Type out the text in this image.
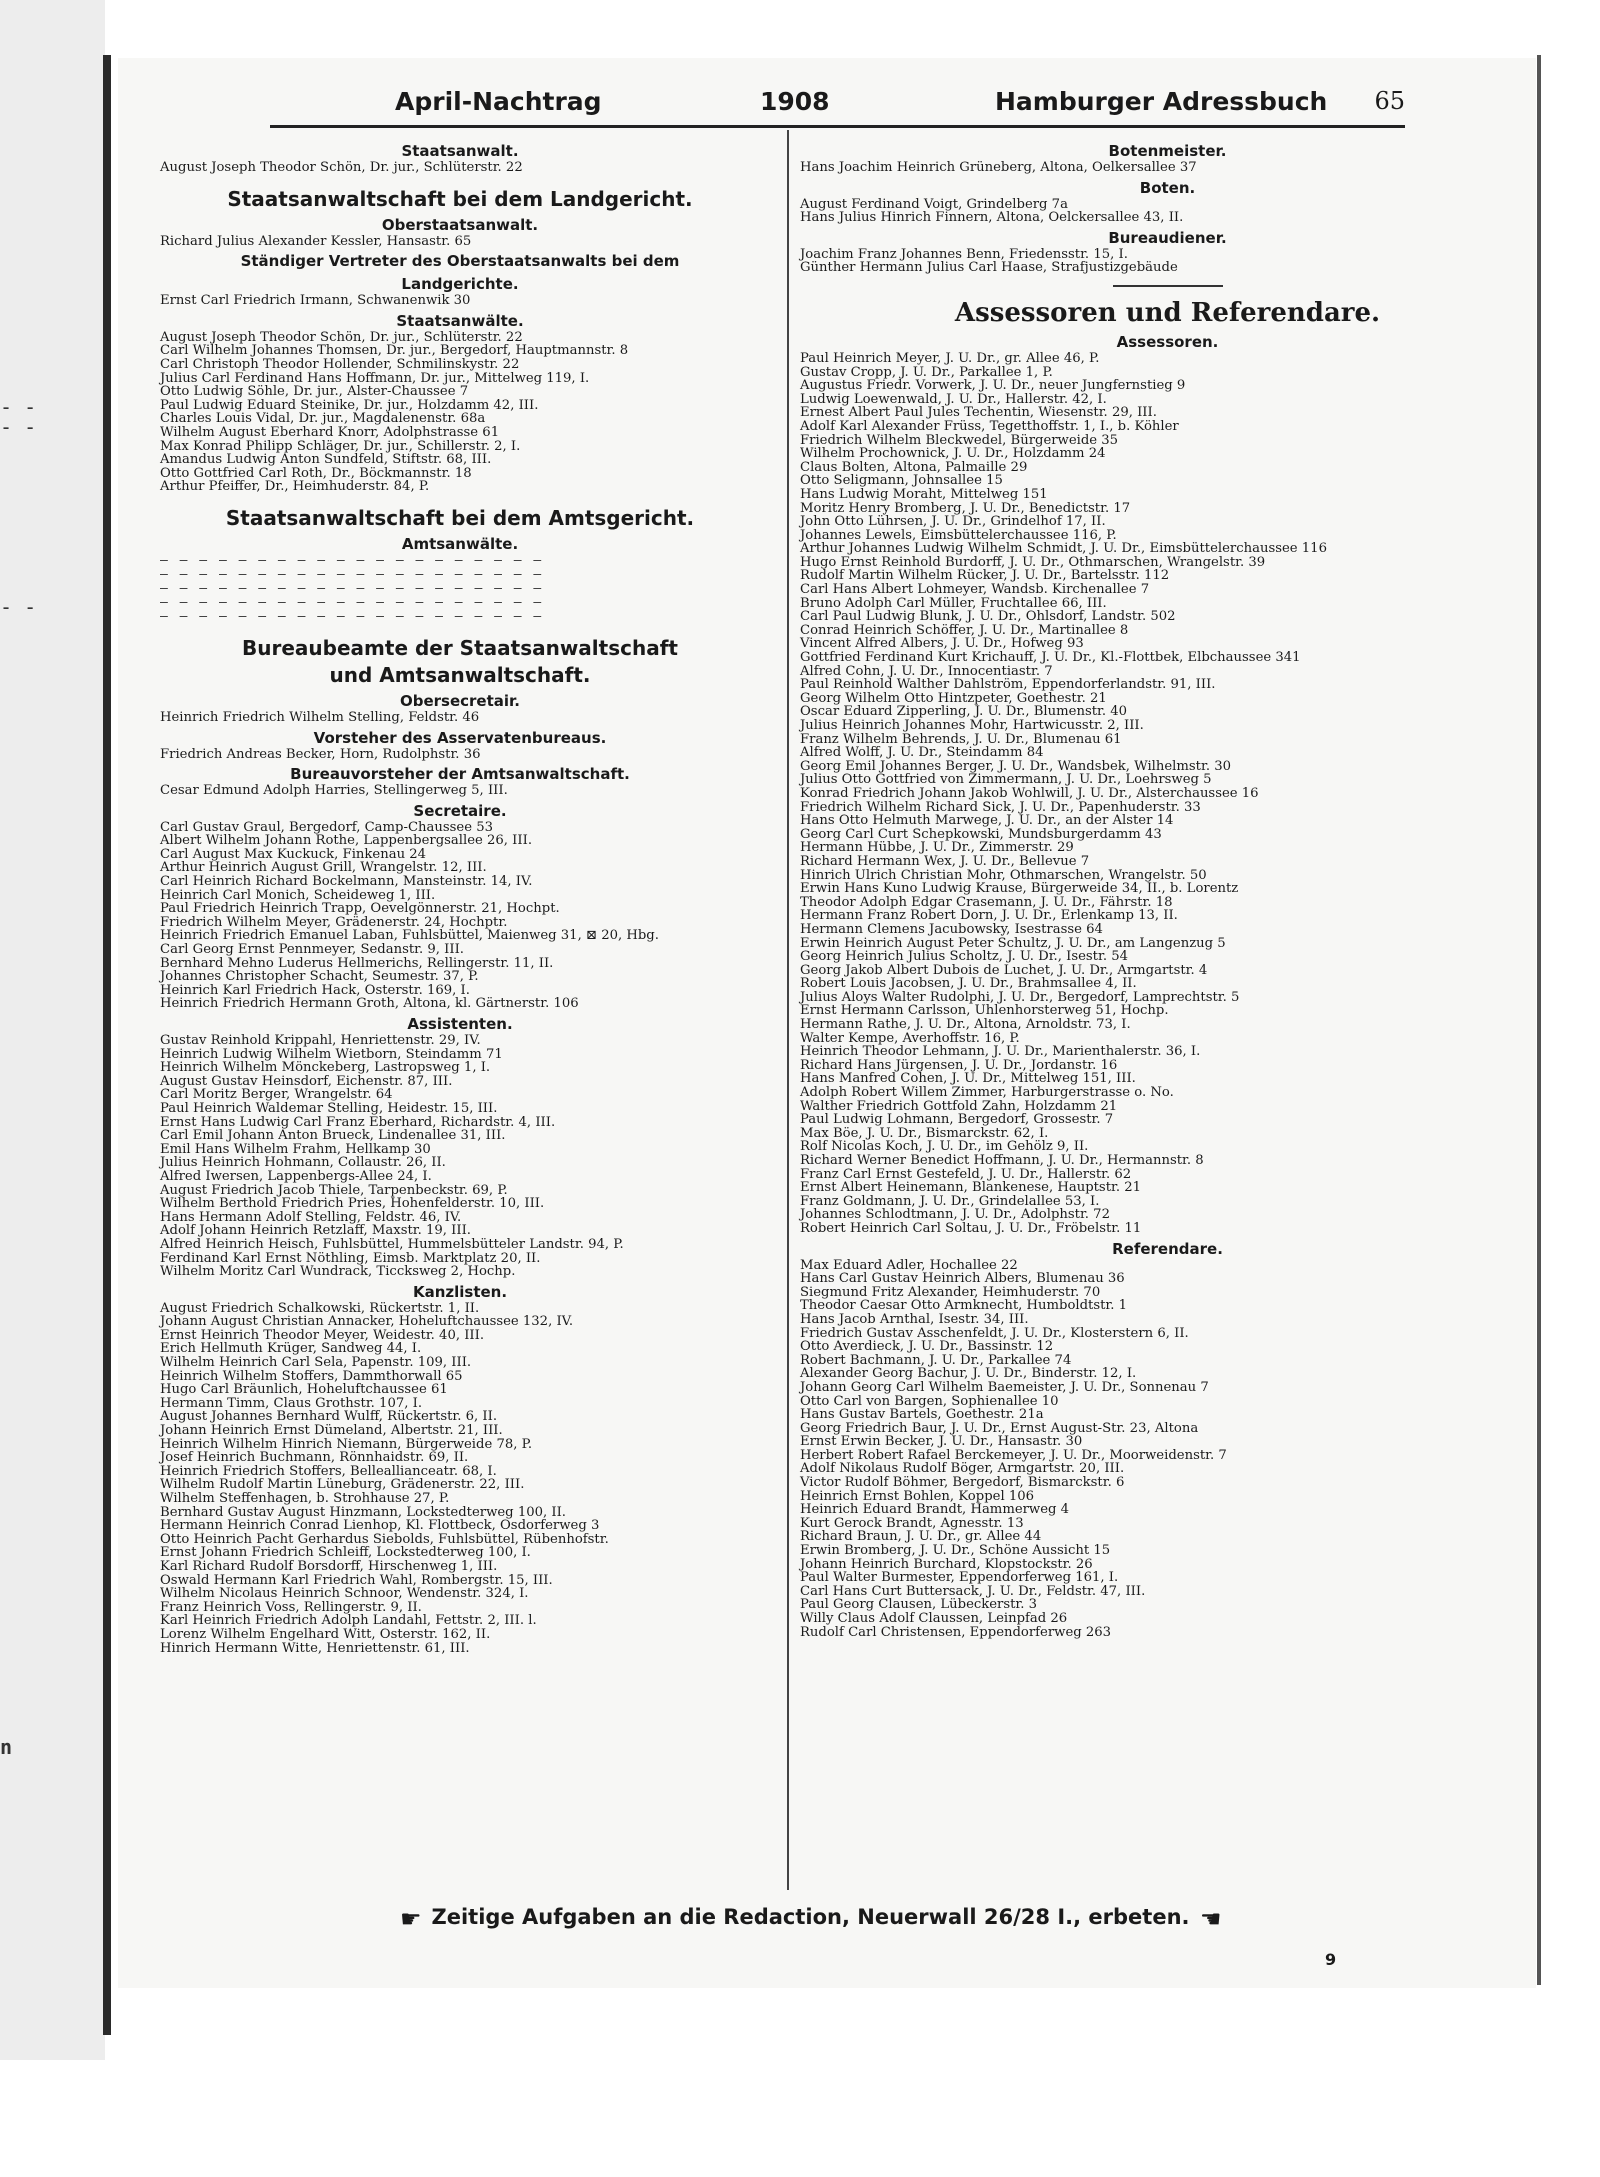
- -
- -
- -
n
April-Nachtrag	1908	Hamburger Adressbuch 65
Staatsanwalt.
August Joseph Theodor Schön, Dr. jur., Schlüterstr. 22
Staatsanwaltschaft bei dem Landgericht.
Oberstaatsanwalt.
Richard Julius Alexander Kessler, Hansastr. 65
Ständiger Vertreter des Oberstaatsanwalts bei dem
Landgerichte.
Ernst Carl Friedrich Irmann, Schwanenwik 30
Staatsanwälte.
August Joseph Theodor Schön, Dr. jur., Schlüterstr. 22
Carl Wilhelm Johannes Thomsen, Dr. jur., Bergedorf, Hauptmannstr. 8
Carl Christoph Theodor Hollender, Schmilinskystr. 22
Julius Carl Ferdinand Hans Hoffmann, Dr. jur., Mittelweg 119, I.
Otto Ludwig Söhle, Dr. jur., Alster-Chaussee 7
Paul Ludwig Eduard Steinike, Dr. jur., Holzdamm 42, III.
Charles Louis Vidal, Dr. jur., Magdalenenstr. 68a
Wilhelm August Eberhard Knorr, Adolphstrasse 61
Max Konrad Philipp Schläger, Dr. jur., Schillerstr. 2, I.
Amandus Ludwig Anton Sundfeld, Stiftstr. 68, III.
Otto Gottfried Carl Roth, Dr., Böckmannstr. 18
Arthur Pfeiffer, Dr., Heimhuderstr. 84, P.
Staatsanwaltschaft bei dem Amtsgericht.
Amtsanwälte.
— — — — — — — — — — — — — — — — — — — —
— — — — — — — — — — — — — — — — — — — —
— — — — — — — — — — — — — — — — — — — —
— — — — — — — — — — — — — — — — — — — —
— — — — — — — — — — — — — — — — — — — —
Bureaubeamte der Staatsanwaltschaft
und Amtsanwaltschaft.
Obersecretair.
Heinrich Friedrich Wilhelm Stelling, Feldstr. 46
Vorsteher des Asservatenbureaus.
Friedrich Andreas Becker, Horn, Rudolphstr. 36
Bureauvorsteher der Amtsanwaltschaft.
Cesar Edmund Adolph Harries, Stellingerweg 5, III.
Secretaire.
Carl Gustav Graul, Bergedorf, Camp-Chaussee 53
Albert Wilhelm Johann Rothe, Lappenbergsallee 26, III.
Carl August Max Kuckuck, Finkenau 24
Arthur Heinrich August Grill, Wrangelstr. 12, III.
Carl Heinrich Richard Bockelmann, Mansteinstr. 14, IV.
Heinrich Carl Monich, Scheideweg 1, III.
Paul Friedrich Heinrich Trapp, Oevelgönnerstr. 21, Hochpt.
Friedrich Wilhelm Meyer, Grädenerstr. 24, Hochptr.
Heinrich Friedrich Emanuel Laban, Fuhlsbüttel, Maienweg 31, ⊠ 20, Hbg.
Carl Georg Ernst Pennmeyer, Sedanstr. 9, III.
Bernhard Mehno Luderus Hellmerichs, Rellingerstr. 11, II.
Johannes Christopher Schacht, Seumestr. 37, P.
Heinrich Karl Friedrich Hack, Osterstr. 169, I.
Heinrich Friedrich Hermann Groth, Altona, kl. Gärtnerstr. 106
Assistenten.
Gustav Reinhold Krippahl, Henriettenstr. 29, IV.
Heinrich Ludwig Wilhelm Wietborn, Steindamm 71
Heinrich Wilhelm Mönckeberg, Lastropsweg 1, I.
August Gustav Heinsdorf, Eichenstr. 87, III.
Carl Moritz Berger, Wrangelstr. 64
Paul Heinrich Waldemar Stelling, Heidestr. 15, III.
Ernst Hans Ludwig Carl Franz Eberhard, Richardstr. 4, III.
Carl Emil Johann Anton Brueck, Lindenallee 31, III.
Emil Hans Wilhelm Frahm, Hellkamp 30
Julius Heinrich Hohmann, Collaustr. 26, II.
Alfred Iwersen, Lappenbergs-Allee 24, I.
August Friedrich Jacob Thiele, Tarpenbeckstr. 69, P.
Wilhelm Berthold Friedrich Pries, Hohenfelderstr. 10, III.
Hans Hermann Adolf Stelling, Feldstr. 46, IV.
Adolf Johann Heinrich Retzlaff, Maxstr. 19, III.
Alfred Heinrich Heisch, Fuhlsbüttel, Hummelsbütteler Landstr. 94, P.
Ferdinand Karl Ernst Nöthling, Eimsb. Marktplatz 20, II.
Wilhelm Moritz Carl Wundrack, Ticcksweg 2, Hochp.
Kanzlisten.
August Friedrich Schalkowski, Rückertstr. 1, II.
Johann August Christian Annacker, Hoheluftchaussee 132, IV.
Ernst Heinrich Theodor Meyer, Weidestr. 40, III.
Erich Hellmuth Krüger, Sandweg 44, I.
Wilhelm Heinrich Carl Sela, Papenstr. 109, III.
Heinrich Wilhelm Stoffers, Dammthorwall 65
Hugo Carl Bräunlich, Hoheluftchaussee 61
Hermann Timm, Claus Grothstr. 107, I.
August Johannes Bernhard Wulff, Rückertstr. 6, II.
Johann Heinrich Ernst Dümeland, Albertstr. 21, III.
Heinrich Wilhelm Hinrich Niemann, Bürgerweide 78, P.
Josef Heinrich Buchmann, Rönnhaidstr. 69, II.
Heinrich Friedrich Stoffers, Belleallianceatr. 68, I.
Wilhelm Rudolf Martin Lüneburg, Grädenerstr. 22, III.
Wilhelm Steffenhagen, b. Strohhause 27, P.
Bernhard Gustav August Hinzmann, Lockstedterweg 100, II.
Hermann Heinrich Conrad Lienhop, Kl. Flottbeck, Osdorferweg 3
Otto Heinrich Pacht Gerhardus Siebolds, Fuhlsbüttel, Rübenhofstr.
Ernst Johann Friedrich Schleiff, Lockstedterweg 100, I.
Karl Richard Rudolf Borsdorff, Hirschenweg 1, III.
Oswald Hermann Karl Friedrich Wahl, Rombergstr. 15, III.
Wilhelm Nicolaus Heinrich Schnoor, Wendenstr. 324, I.
Franz Heinrich Voss, Rellingerstr. 9, II.
Karl Heinrich Friedrich Adolph Landahl, Fettstr. 2, III. l.
Lorenz Wilhelm Engelhard Witt, Osterstr. 162, II.
Hinrich Hermann Witte, Henriettenstr. 61, III.
Botenmeister.
Hans Joachim Heinrich Grüneberg, Altona, Oelkersallee 37
Boten.
August Ferdinand Voigt, Grindelberg 7a
Hans Julius Hinrich Finnern, Altona, Oelckersallee 43, II.
Bureaudiener.
Joachim Franz Johannes Benn, Friedensstr. 15, I.
Günther Hermann Julius Carl Haase, Strafjustizgebäude
Assessoren und Referendare.
Assessoren.
Paul Heinrich Meyer, J. U. Dr., gr. Allee 46, P.
Gustav Cropp, J. U. Dr., Parkallee 1, P.
Augustus Friedr. Vorwerk, J. U. Dr., neuer Jungfernstieg 9
Ludwig Loewenwald, J. U. Dr., Hallerstr. 42, I.
Ernest Albert Paul Jules Techentin, Wiesenstr. 29, III.
Adolf Karl Alexander Früss, Tegetthoffstr. 1, I., b. Köhler
Friedrich Wilhelm Bleckwedel, Bürgerweide 35
Wilhelm Prochownick, J. U. Dr., Holzdamm 24
Claus Bolten, Altona, Palmaille 29
Otto Seligmann, Johnsallee 15
Hans Ludwig Moraht, Mittelweg 151
Moritz Henry Bromberg, J. U. Dr., Benedictstr. 17
John Otto Lührsen, J. U. Dr., Grindelhof 17, II.
Johannes Lewels, Eimsbüttelerchaussee 116, P.
Arthur Johannes Ludwig Wilhelm Schmidt, J. U. Dr., Eimsbüttelerchaussee 116
Hugo Ernst Reinhold Burdorff, J. U. Dr., Othmarschen, Wrangelstr. 39
Rudolf Martin Wilhelm Rücker, J. U. Dr., Bartelsstr. 112
Carl Hans Albert Lohmeyer, Wandsb. Kirchenallee 7
Bruno Adolph Carl Müller, Fruchtallee 66, III.
Carl Paul Ludwig Blunk, J. U. Dr., Ohlsdorf, Landstr. 502
Conrad Heinrich Schöffer, J. U. Dr., Martinallee 8
Vincent Alfred Albers, J. U. Dr., Hofweg 93
Gottfried Ferdinand Kurt Krichauff, J. U. Dr., Kl.-Flottbek, Elbchaussee 341
Alfred Cohn, J. U. Dr., Innocentiastr. 7
Paul Reinhold Walther Dahlström, Eppendorferlandstr. 91, III.
Georg Wilhelm Otto Hintzpeter, Goethestr. 21
Oscar Eduard Zipperling, J. U. Dr., Blumenstr. 40
Julius Heinrich Johannes Mohr, Hartwicusstr. 2, III.
Franz Wilhelm Behrends, J. U. Dr., Blumenau 61
Alfred Wolff, J. U. Dr., Steindamm 84
Georg Emil Johannes Berger, J. U. Dr., Wandsbek, Wilhelmstr. 30
Julius Otto Gottfried von Zimmermann, J. U. Dr., Loehrsweg 5
Konrad Friedrich Johann Jakob Wohlwill, J. U. Dr., Alsterchaussee 16
Friedrich Wilhelm Richard Sick, J. U. Dr., Papenhuderstr. 33
Hans Otto Helmuth Marwege, J. U. Dr., an der Alster 14
Georg Carl Curt Schepkowski, Mundsburgerdamm 43
Hermann Hübbe, J. U. Dr., Zimmerstr. 29
Richard Hermann Wex, J. U. Dr., Bellevue 7
Hinrich Ulrich Christian Mohr, Othmarschen, Wrangelstr. 50
Erwin Hans Kuno Ludwig Krause, Bürgerweide 34, II., b. Lorentz
Theodor Adolph Edgar Crasemann, J. U. Dr., Fährstr. 18
Hermann Franz Robert Dorn, J. U. Dr., Erlenkamp 13, II.
Hermann Clemens Jacubowsky, Isestrasse 64
Erwin Heinrich August Peter Schultz, J. U. Dr., am Langenzug 5
Georg Heinrich Julius Scholtz, J. U. Dr., Isestr. 54
Georg Jakob Albert Dubois de Luchet, J. U. Dr., Armgartstr. 4
Robert Louis Jacobsen, J. U. Dr., Brahmsallee 4, II.
Julius Aloys Walter Rudolphi, J. U. Dr., Bergedorf, Lamprechtstr. 5
Ernst Hermann Carlsson, Uhlenhorsterweg 51, Hochp.
Hermann Rathe, J. U. Dr., Altona, Arnoldstr. 73, I.
Walter Kempe, Averhoffstr. 16, P.
Heinrich Theodor Lehmann, J. U. Dr., Marienthalerstr. 36, I.
Richard Hans Jürgensen, J. U. Dr., Jordanstr. 16
Hans Manfred Cohen, J. U. Dr., Mittelweg 151, III.
Adolph Robert Willem Zimmer, Harburgerstrasse o. No.
Walther Friedrich Gottfold Zahn, Holzdamm 21
Paul Ludwig Lohmann, Bergedorf, Grossestr. 7
Max Böe, J. U. Dr., Bismarckstr. 62, I.
Rolf Nicolas Koch, J. U. Dr., im Gehölz 9, II.
Richard Werner Benedict Hoffmann, J. U. Dr., Hermannstr. 8
Franz Carl Ernst Gestefeld, J. U. Dr., Hallerstr. 62
Ernst Albert Heinemann, Blankenese, Hauptstr. 21
Franz Goldmann, J. U. Dr., Grindelallee 53, I.
Johannes Schlodtmann, J. U. Dr., Adolphstr. 72
Robert Heinrich Carl Soltau, J. U. Dr., Fröbelstr. 11
Referendare.
Max Eduard Adler, Hochallee 22
Hans Carl Gustav Heinrich Albers, Blumenau 36
Siegmund Fritz Alexander, Heimhuderstr. 70
Theodor Caesar Otto Armknecht, Humboldtstr. 1
Hans Jacob Arnthal, Isestr. 34, III.
Friedrich Gustav Asschenfeldt, J. U. Dr., Klosterstern 6, II.
Otto Averdieck, J. U. Dr., Bassinstr. 12
Robert Bachmann, J. U. Dr., Parkallee 74
Alexander Georg Bachur, J. U. Dr., Binderstr. 12, I.
Johann Georg Carl Wilhelm Baemeister, J. U. Dr., Sonnenau 7
Otto Carl von Bargen, Sophienallee 10
Hans Gustav Bartels, Goethestr. 21a
Georg Friedrich Baur, J. U. Dr., Ernst August-Str. 23, Altona
Ernst Erwin Becker, J. U. Dr., Hansastr. 30
Herbert Robert Rafael Berckemeyer, J. U. Dr., Moorweidenstr. 7
Adolf Nikolaus Rudolf Böger, Armgartstr. 20, III.
Victor Rudolf Böhmer, Bergedorf, Bismarckstr. 6
Heinrich Ernst Bohlen, Koppel 106
Heinrich Eduard Brandt, Hammerweg 4
Kurt Gerock Brandt, Agnesstr. 13
Richard Braun, J. U. Dr., gr. Allee 44
Erwin Bromberg, J. U. Dr., Schöne Aussicht 15
Johann Heinrich Burchard, Klopstockstr. 26
Paul Walter Burmester, Eppendorferweg 161, I.
Carl Hans Curt Buttersack, J. U. Dr., Feldstr. 47, III.
Paul Georg Clausen, Lübeckerstr. 3
Willy Claus Adolf Claussen, Leinpfad 26
Rudolf Carl Christensen, Eppendorferweg 263
☛ Zeitige Aufgaben an die Redaction, Neuerwall 26/28 I., erbeten. ☛
9
